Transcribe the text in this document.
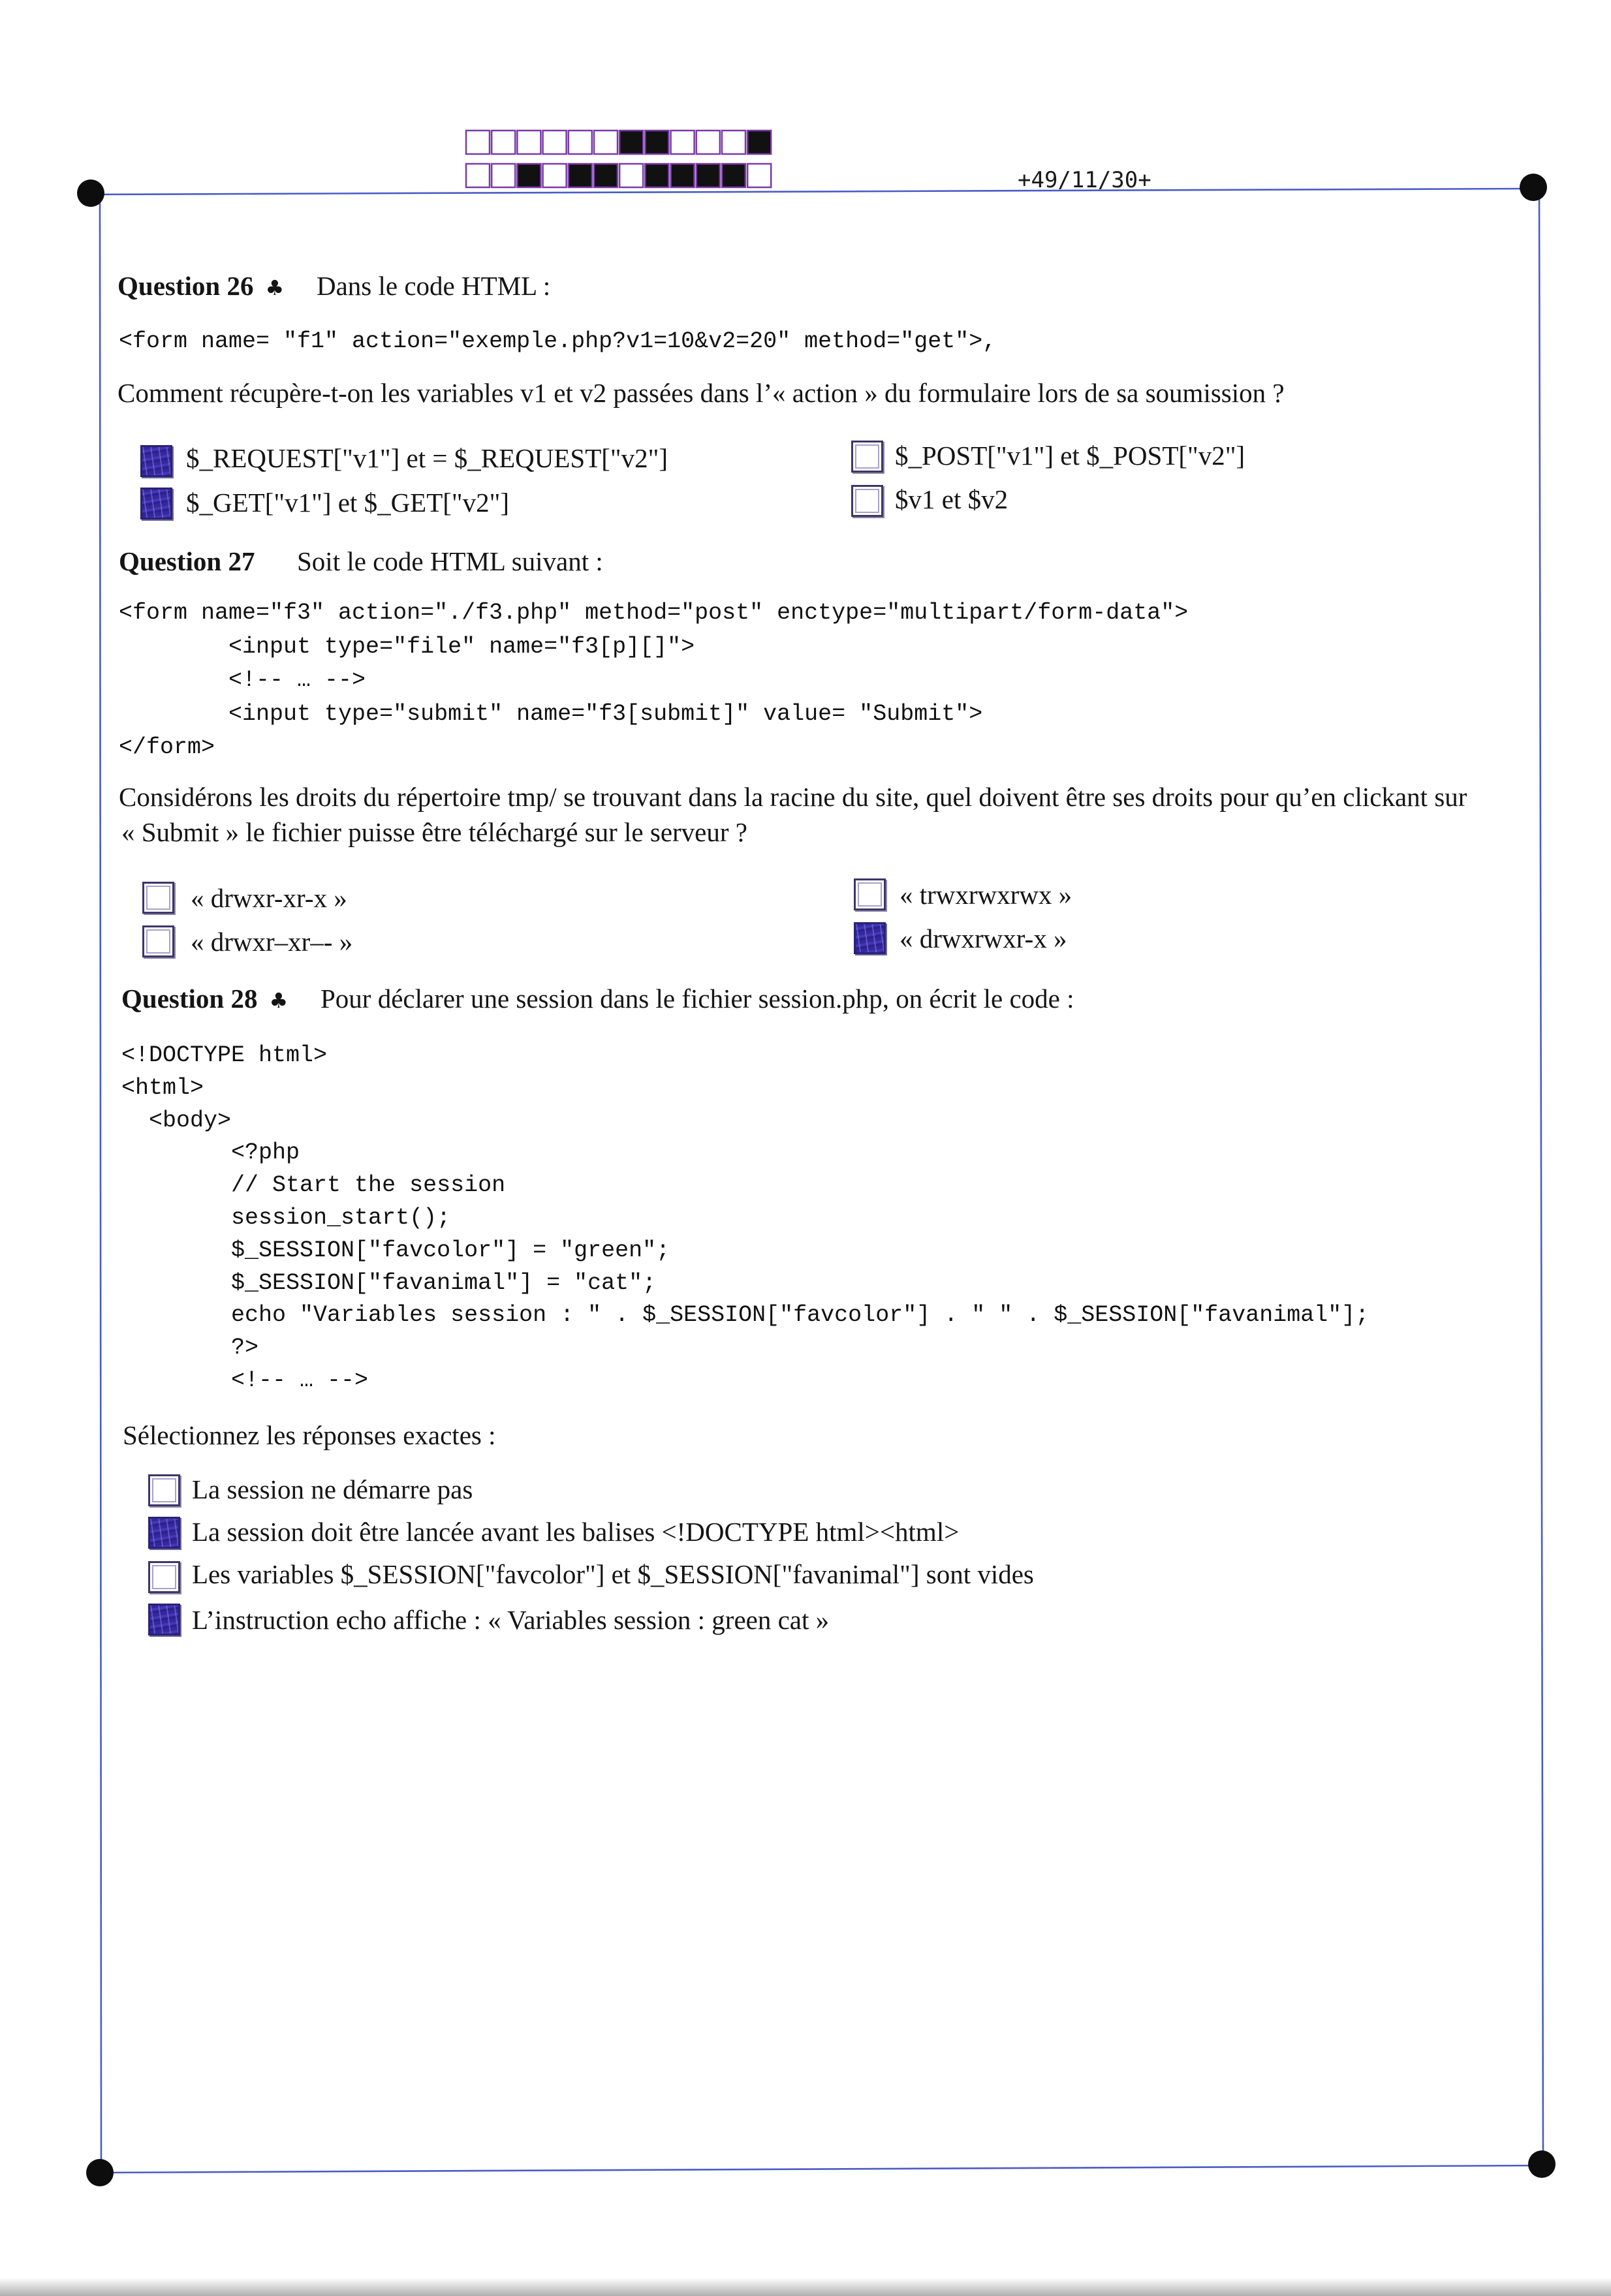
+49/11/30+
Question 26 ♣ Dans le code HTML :
<form name= "f1" action="exemple.php?v1=10&v2=20" method="get">,
Comment récupère-t-on les variables v1 et v2 passées dans l’« action » du formulaire lors de sa soumission ?
$_REQUEST["v1"] et = $_REQUEST["v2"]	$_POST["v1"] et $_POST["v2"]
$_GET["v1"] et $_GET["v2"]	$v1 et $v2
Question 27 Soit le code HTML suivant :
<form name="f3" action="./f3.php" method="post" enctype="multipart/form-data">
<input type="file" name="f3[p][]">
<!-- … -->
<input type="submit" name="f3[submit]" value= "Submit">
</form>
Considérons les droits du répertoire tmp/ se trouvant dans la racine du site, quel doivent être ses droits pour qu’en clickant sur
« Submit » le fichier puisse être téléchargé sur le serveur ?
« drwxr-xr-x »	« trwxrwxrwx »
« drwxr–xr–- »	« drwxrwxr-x »
Question 28 ♣ Pour déclarer une session dans le fichier session.php, on écrit le code :
<!DOCTYPE html>
<html>
<body>
<?php
// Start the session
session_start();
$_SESSION["favcolor"] = "green";
$_SESSION["favanimal"] = "cat";
echo "Variables session : " . $_SESSION["favcolor"] . " " . $_SESSION["favanimal"];
?>
<!-- … -->
Sélectionnez les réponses exactes :
La session ne démarre pas
La session doit être lancée avant les balises <!DOCTYPE html><html>
Les variables $_SESSION["favcolor"] et $_SESSION["favanimal"] sont vides
L’instruction echo affiche : « Variables session : green cat »
